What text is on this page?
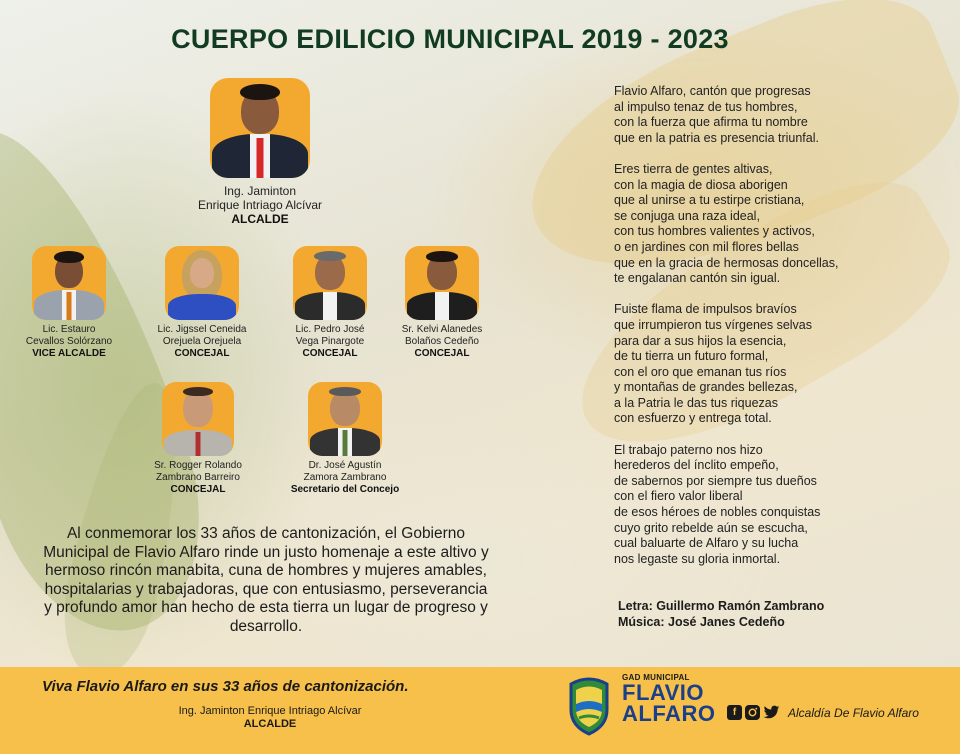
CUERPO EDILICIO MUNICIPAL 2019 - 2023
Ing. Jaminton
Enrique Intriago Alcívar
ALCALDE
Lic. Estauro
Cevallos Solórzano
VICE ALCALDE
Lic. Jigssel Ceneida
Orejuela Orejuela
CONCEJAL
Lic. Pedro José
Vega Pinargote
CONCEJAL
Sr. Kelvi Alanedes
Bolaños Cedeño
CONCEJAL
Sr. Rogger Rolando
Zambrano Barreiro
CONCEJAL
Dr. José Agustín
Zamora Zambrano
Secretario del Concejo

Al conmemorar los 33 años de cantonización, el Gobierno Municipal de Flavio Alfaro rinde un justo homenaje a este altivo y hermoso rincón manabita, cuna de hombres y mujeres amables, hospitalarias y trabajadoras, que con entusiasmo, perseverancia y profundo amor han hecho de esta tierra un lugar de progreso y desarrollo.

Flavio Alfaro, cantón que progresas
al impulso tenaz de tus hombres,
con la fuerza que afirma tu nombre
que en la patria es presencia triunfal.
Eres tierra de gentes altivas,
con la magia de diosa aborigen
que al unirse a tu estirpe cristiana,
se conjuga una raza ideal,
con tus hombres valientes y activos,
o en jardines con mil flores bellas
que en la gracia de hermosas doncellas,
te engalanan cantón sin igual.
Fuiste flama de impulsos bravíos
que irrumpieron tus vírgenes selvas
para dar a sus hijos la esencia,
de tu tierra un futuro formal,
con el oro que emanan tus ríos
y montañas de grandes bellezas,
a la Patria le das tus riquezas
con esfuerzo y entrega total.
El trabajo paterno nos hizo
herederos del ínclito empeño,
de sabernos por siempre tus dueños
con el fiero valor liberal
de esos héroes de nobles conquistas
cuyo grito rebelde aún se escucha,
cual baluarte de Alfaro y su lucha
nos legaste su gloria inmortal.
Letra: Guillermo Ramón Zambrano
Música: José Janes Cedeño
Viva Flavio Alfaro en sus 33 años de cantonización.
Ing. Jaminton Enrique Intriago Alcívar
ALCALDE
GAD MUNICIPAL
FLAVIO
ALFARO	f	Alcaldía De Flavio Alfaro
